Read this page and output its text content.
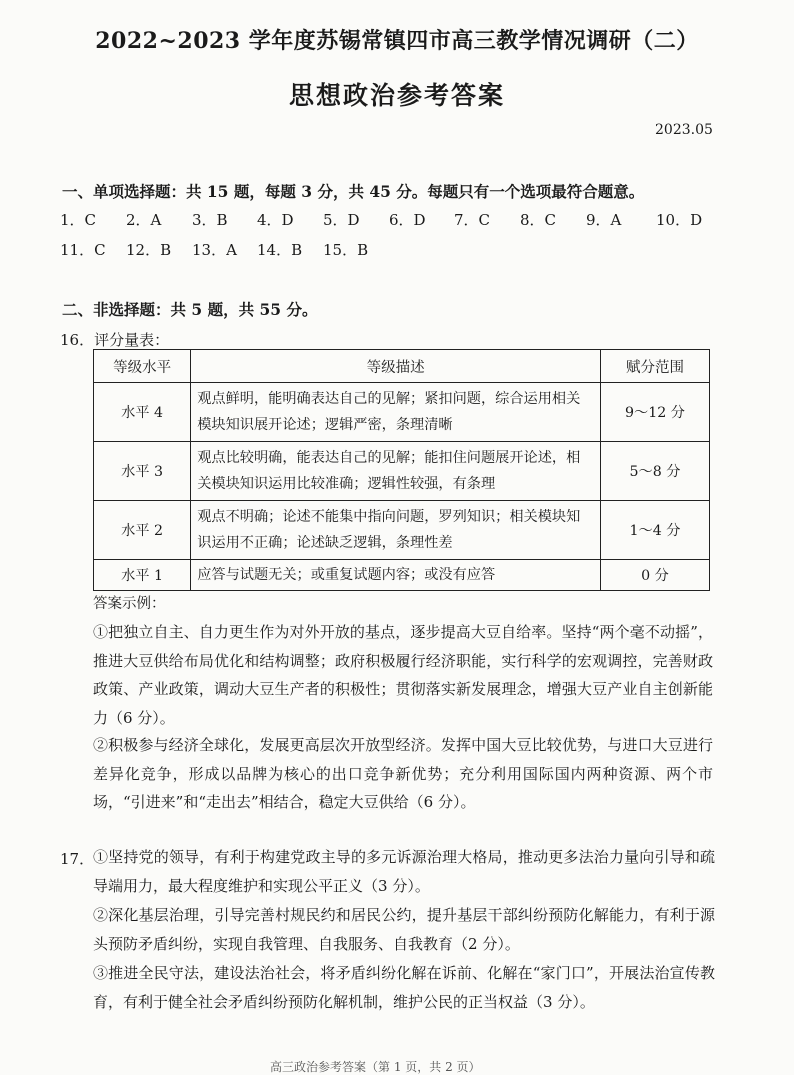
2022~2023 学年度苏锡常镇四市高三教学情况调研（二）
思想政治参考答案
2023.05
一、单项选择题：共 15 题，每题 3 分，共 45 分。每题只有一个选项最符合题意。
1．C 2．A 3．B 4．D 5．D 6．D 7．C 8．C 9．A 10．D
11．C 12．B 13．A 14．B 15．B
二、非选择题：共 5 题，共 55 分。
16．评分量表：
等级水平	等级描述	赋分范围
水平 4	观点鲜明，能明确表达自己的见解；紧扣问题，综合运用相关模块知识展开论述；逻辑严密，条理清晰	9～12 分
水平 3	观点比较明确，能表达自己的见解；能扣住问题展开论述，相关模块知识运用比较准确；逻辑性较强，有条理	5～8 分
水平 2	观点不明确；论述不能集中指向问题，罗列知识；相关模块知识运用不正确；论述缺乏逻辑，条理性差	1～4 分
水平 1	应答与试题无关；或重复试题内容；或没有应答	0 分
答案示例：
①把独立自主、自力更生作为对外开放的基点，逐步提高大豆自给率。坚持“两个毫不动摇”，推进大豆供给布局优化和结构调整；政府积极履行经济职能，实行科学的宏观调控，完善财政政策、产业政策，调动大豆生产者的积极性；贯彻落实新发展理念，增强大豆产业自主创新能力（6 分）。
②积极参与经济全球化，发展更高层次开放型经济。发挥中国大豆比较优势，与进口大豆进行差异化竞争，形成以品牌为核心的出口竞争新优势；充分利用国际国内两种资源、两个市场，“引进来”和“走出去”相结合，稳定大豆供给（6 分）。
17．
①坚持党的领导，有利于构建党政主导的多元诉源治理大格局，推动更多法治力量向引导和疏导端用力，最大程度维护和实现公平正义（3 分）。
②深化基层治理，引导完善村规民约和居民公约，提升基层干部纠纷预防化解能力，有利于源头预防矛盾纠纷，实现自我管理、自我服务、自我教育（2 分）。
③推进全民守法，建设法治社会，将矛盾纠纷化解在诉前、化解在“家门口”，开展法治宣传教育，有利于健全社会矛盾纠纷预防化解机制，维护公民的正当权益（3 分）。
高三政治参考答案（第 1 页，共 2 页）
